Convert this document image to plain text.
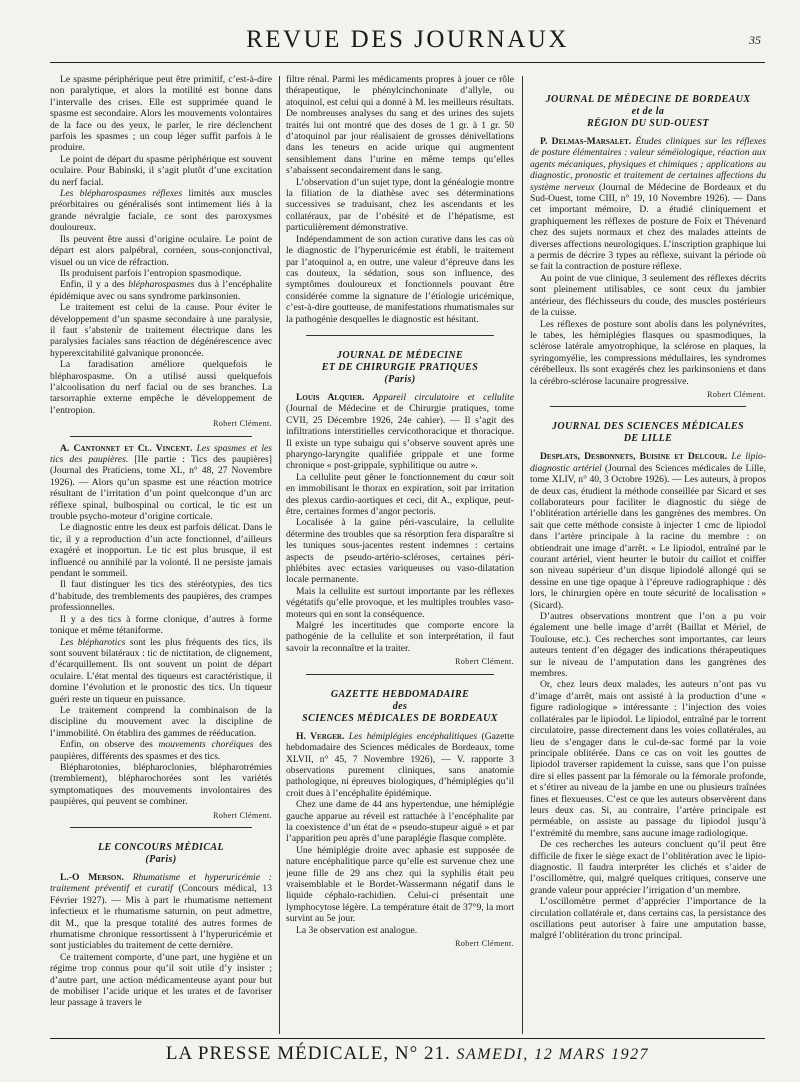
REVUE DES JOURNAUX	35

Le spasme périphérique peut être primitif, c’est-à-dire non paralytique, et alors la motilité est bonne dans l’intervalle des crises. Elle est supprimée quand le spasme est secondaire. Alors les mouvements volontaires de la face ou des yeux, le parler, le rire déclenchent parfois les spasmes ; un coup léger suffit parfois à le produire.

Le point de départ du spasme périphérique est souvent oculaire. Pour Babinski, il s’agit plutôt d’une excitation du nerf facial.

Les blépharospasmes réflexes limités aux muscles préorbitaires ou généralisés sont intimement liés à la grande névralgie faciale, ce sont des paroxysmes douloureux.

Ils peuvent être aussi d’origine oculaire. Le point de départ est alors palpébral, cornéen, sous-conjonctival, visuel ou un vice de réfraction.

Ils produisent parfois l’entropion spasmodique.

Enfin, il y a des blépharospasmes dus à l’encéphalite épidémique avec ou sans syndrome parkinsonien.

Le traitement est celui de la cause. Pour éviter le développement d’un spasme secondaire à une paralysie, il faut s’abstenir de traitement électrique dans les paralysies faciales sans réaction de dégénérescence avec hyperexcitabilité galvanique prononcée.

La faradisation améliore quelquefois le blépharospasme. On a utilisé aussi quelquefois l’alcoolisation du nerf facial ou de ses branches. La tarsorraphie externe empêche le développement de l’entropion.

Robert Clément.

A. Cantonnet et Cl. Vincent. Les spasmes et les tics des paupières. [IIe partie : Tics des paupières] (Journal des Praticiens, tome XL, n° 48, 27 Novembre 1926). — Alors qu’un spasme est une réaction motrice résultant de l’irritation d’un point quelconque d’un arc réflexe spinal, bulbospinal ou cortical, le tic est un trouble psycho-moteur d’origine corticale.

Le diagnostic entre les deux est parfois délicat. Dans le tic, il y a reproduction d’un acte fonctionnel, d’ailleurs exagéré et inopportun. Le tic est plus brusque, il est influencé ou annihilé par la volonté. Il ne persiste jamais pendant le sommeil.

Il faut distinguer les tics des stéréotypies, des tics d’habitude, des tremblements des paupières, des crampes professionnelles.

Il y a des tics à forme clonique, d’autres à forme tonique et même tétaniforme.

Les blépharotics sont les plus fréquents des tics, ils sont souvent bilatéraux : tic de nictitation, de clignement, d’écarquillement. Ils ont souvent un point de départ oculaire. L’état mental des tiqueurs est caractéristique, il domine l’évolution et le pronostic des tics. Un tiqueur guéri reste un tiqueur en puissance.

Le traitement comprend la combinaison de la discipline du mouvement avec la discipline de l’immobilité. On établira des gammes de rééducation.

Enfin, on observe des mouvements choréiques des paupières, différents des spasmes et des tics.

Blépharotonies, blépharoclonies, blépharotrémies (tremblement), blépharochorées sont les variétés symptomatiques des mouvements involontaires des paupières, qui peuvent se combiner.

Robert Clément.

LE CONCOURS MÉDICAL
(Paris)

L.-O Merson. Rhumatisme et hyperuricémie : traitement préventif et curatif (Concours médical, 13 Février 1927). — Mis à part le rhumatisme nettement infectieux et le rhumatisme saturnin, on peut admettre, dit M., que la presque totalité des autres formes de rhumatisme chronique ressortissent à l’hyperuricémie et sont justiciables du traitement de cette dernière.

Ce traitement comporte, d’une part, une hygiène et un régime trop connus pour qu’il soit utile d’y insister ; d’autre part, une action médicamenteuse ayant pour but de mobiliser l’acide urique et les urates et de favoriser leur passage à travers le

filtre rénal. Parmi les médicaments propres à jouer ce rôle thérapeutique, le phénylcinchoninate d’allyle, ou atoquinol, est celui qui a donné à M. les meilleurs résultats. De nombreuses analyses du sang et des urines des sujets traités lui ont montré que des doses de 1 gr. à 1 gr. 50 d’atoquinol par jour réalisaient de grosses dénivellations dans les teneurs en acide urique qui augmentent sensiblement dans l’urine en même temps qu’elles s’abaissent secondairement dans le sang.

L’observation d’un sujet type, dont la généalogie montre la filiation de la diathèse avec ses déterminations successives se traduisant, chez les ascendants et les collatéraux, par de l’obésité et de l’hépatisme, est particulièrement démonstrative.

Indépendamment de son action curative dans les cas où le diagnostic de l’hyperuricémie est établi, le traitement par l’atoquinol a, en outre, une valeur d’épreuve dans les cas douteux, la sédation, sous son influence, des symptômes douloureux et fonctionnels pouvant être considérée comme la signature de l’étiologie uricémique, c’est-à-dire goutteuse, de manifestations rhumatismales sur la pathogénie desquelles le diagnostic est hésitant.

JOURNAL DE MÉDECINE
ET DE CHIRURGIE PRATIQUES
(Paris)

Louis Alquier. Appareil circulatoire et cellulite (Journal de Médecine et de Chirurgie pratiques, tome CVII, 25 Décembre 1926, 24e cahier). — Il s’agit des infiltrations interstitielles cervicothoracique et thoracique. Il existe un type subaigu qui s’observe souvent après une pharyngo-laryngite qualifiée grippale et une forme chronique « post-grippale, syphilitique ou autre ».

La cellulite peut gêner le fonctionnement du cœur soit en immobilisant le thorax en expiration, soit par irritation des plexus cardio-aortiques et ceci, dit A., explique, peut-être, certaines formes d’angor pectoris.

Localisée à la gaine péri-vasculaire, la cellulite détermine des troubles que sa résorption fera disparaître si les tuniques sous-jacentes restent indemnes : certains aspects de pseudo-artério-scléroses, certaines péri-phlébites avec ectasies variqueuses ou vaso-dilatation locale permanente.

Mais la cellulite est surtout importante par les réflexes végétatifs qu’elle provoque, et les multiples troubles vaso-moteurs qui en sont la conséquence.

Malgré les incertitudes que comporte encore la pathogénie de la cellulite et son interprétation, il faut savoir la reconnaître et la traiter.

Robert Clément.

GAZETTE HEBDOMADAIRE
des
SCIENCES MÉDICALES DE BORDEAUX

H. Verger. Les hémiplégies encéphalitiques (Gazette hebdomadaire des Sciences médicales de Bordeaux, tome XLVII, n° 45, 7 Novembre 1926), — V. rapporte 3 observations purement cliniques, sans anatomie pathologique, ni épreuves biologiques, d’hémiplégies qu’il croit dues à l’encéphalite épidémique.

Chez une dame de 44 ans hypertendue, une hémiplégie gauche apparue au réveil est rattachée à l’encéphalite par la coexistence d’un état de « pseudo-stupeur aiguë » et par l’apparition peu après d’une paraplégie flasque complète.

Une hémiplégie droite avec aphasie est supposée de nature encéphalitique parce qu’elle est survenue chez une jeune fille de 29 ans chez qui la syphilis était peu vraisemblable et le Bordet-Wassermann négatif dans le liquide céphalo-rachidien. Celui-ci présentait une lymphocytose légère. La température était de 37°9, la mort survint au 5e jour.

La 3e observation est analogue.

Robert Clément.

JOURNAL DE MÉDECINE DE BORDEAUX
et de la
RÉGION DU SUD-OUEST

P. Delmas-Marsalet. Études cliniques sur les réflexes de posture élémentaires : valeur séméiologique, réaction aux agents mécaniques, physiques et chimiques ; applications au diagnostic, pronostic et traitement de certaines affections du système nerveux (Journal de Médecine de Bordeaux et du Sud-Ouest, tome CIII, n° 19, 10 Novembre 1926). — Dans cet important mémoire, D. a étudié cliniquement et graphiquement les réflexes de posture de Foix et Thévenard chez des sujets normaux et chez des malades atteints de diverses affections neurologiques. L’inscription graphique lui a permis de décrire 3 types au réflexe, suivant la période où se fait la contraction de posture réflexe.

Au point de vue clinique, 3 seulement des réflexes décrits sont pleinement utilisables, ce sont ceux du jambier antérieur, des fléchisseurs du coude, des muscles postérieurs de la cuisse.

Les réflexes de posture sont abolis dans les polynévrites, le tabes, les hémiplégies flasques ou spasmodiques, la sclérose latérale amyotrophique, la sclérose en plaques, la syringomyélie, les compressions médullaires, les syndromes cérébelleux. Ils sont exagérés chez les parkinsoniens et dans la cérébro-sclérose lacunaire progressive.

Robert Clément.

JOURNAL DES SCIENCES MÉDICALES
DE LILLE

Desplats, Desbonnets, Buisine et Delcour. Le lipio-diagnostic artériel (Journal des Sciences médicales de Lille, tome XLIV, n° 40, 3 Octobre 1926). — Les auteurs, à propos de deux cas, étudient la méthode conseillée par Sicard et ses collaborateurs pour faciliter le diagnostic du siège de l’oblitération artérielle dans les gangrènes des membres. On sait que cette méthode consiste à injecter 1 cmc de lipiodol dans l’artère principale à la racine du membre : on obtiendrait une image d’arrêt. « Le lipiodol, entraîné par le courant artériel, vient heurter le butoir du caillot et coiffer son niveau supérieur d’un disque lipiodolé allongé qui se dessine en une tige opaque à l’épreuve radiographique : dès lors, le chirurgien opère en toute sécurité de localisation » (Sicard).

D’autres observations montrent que l’on a pu voir également une belle image d’arrêt (Baillat et Mériel, de Toulouse, etc.). Ces recherches sont importantes, car leurs auteurs tentent d’en dégager des indications thérapeutiques sur le niveau de l’amputation dans les gangrènes des membres.

Or, chez leurs deux malades, les auteurs n’ont pas vu d’image d’arrêt, mais ont assisté à la production d’une « figure radiologique » intéressante : l’injection des voies collatérales par le lipiodol. Le lipiodol, entraîné par le torrent circulatoire, passe directement dans les voies collatérales, au lieu de s’engager dans le cul-de-sac formé par la voie principale oblitérée. Dans ce cas on voit les gouttes de lipiodol traverser rapidement la cuisse, sans que l’on puisse dire si elles passent par la fémorale ou la fémorale profonde, et s’étirer au niveau de la jambe en une ou plusieurs traînées fines et flexueuses. C’est ce que les auteurs observèrent dans leurs deux cas. Si, au contraire, l’artère principale est perméable, on assiste au passage du lipiodol jusqu’à l’extrémité du membre, sans aucune image radiologique.

De ces recherches les auteurs concluent qu’il peut être difficile de fixer le siège exact de l’oblitération avec le lipio-diagnostic. Il faudra interpréter les clichés et s’aider de l’oscillomètre, qui, malgré quelques critiques, conserve une grande valeur pour apprécier l’irrigation d’un membre.

L’oscillomètre permet d’apprécier l’importance de la circulation collatérale et, dans certains cas, la persistance des oscillations peut autoriser à faire une amputation basse, malgré l’oblitération du tronc principal.

LA PRESSE MÉDICALE, N° 21. SAMEDI, 12 MARS 1927
